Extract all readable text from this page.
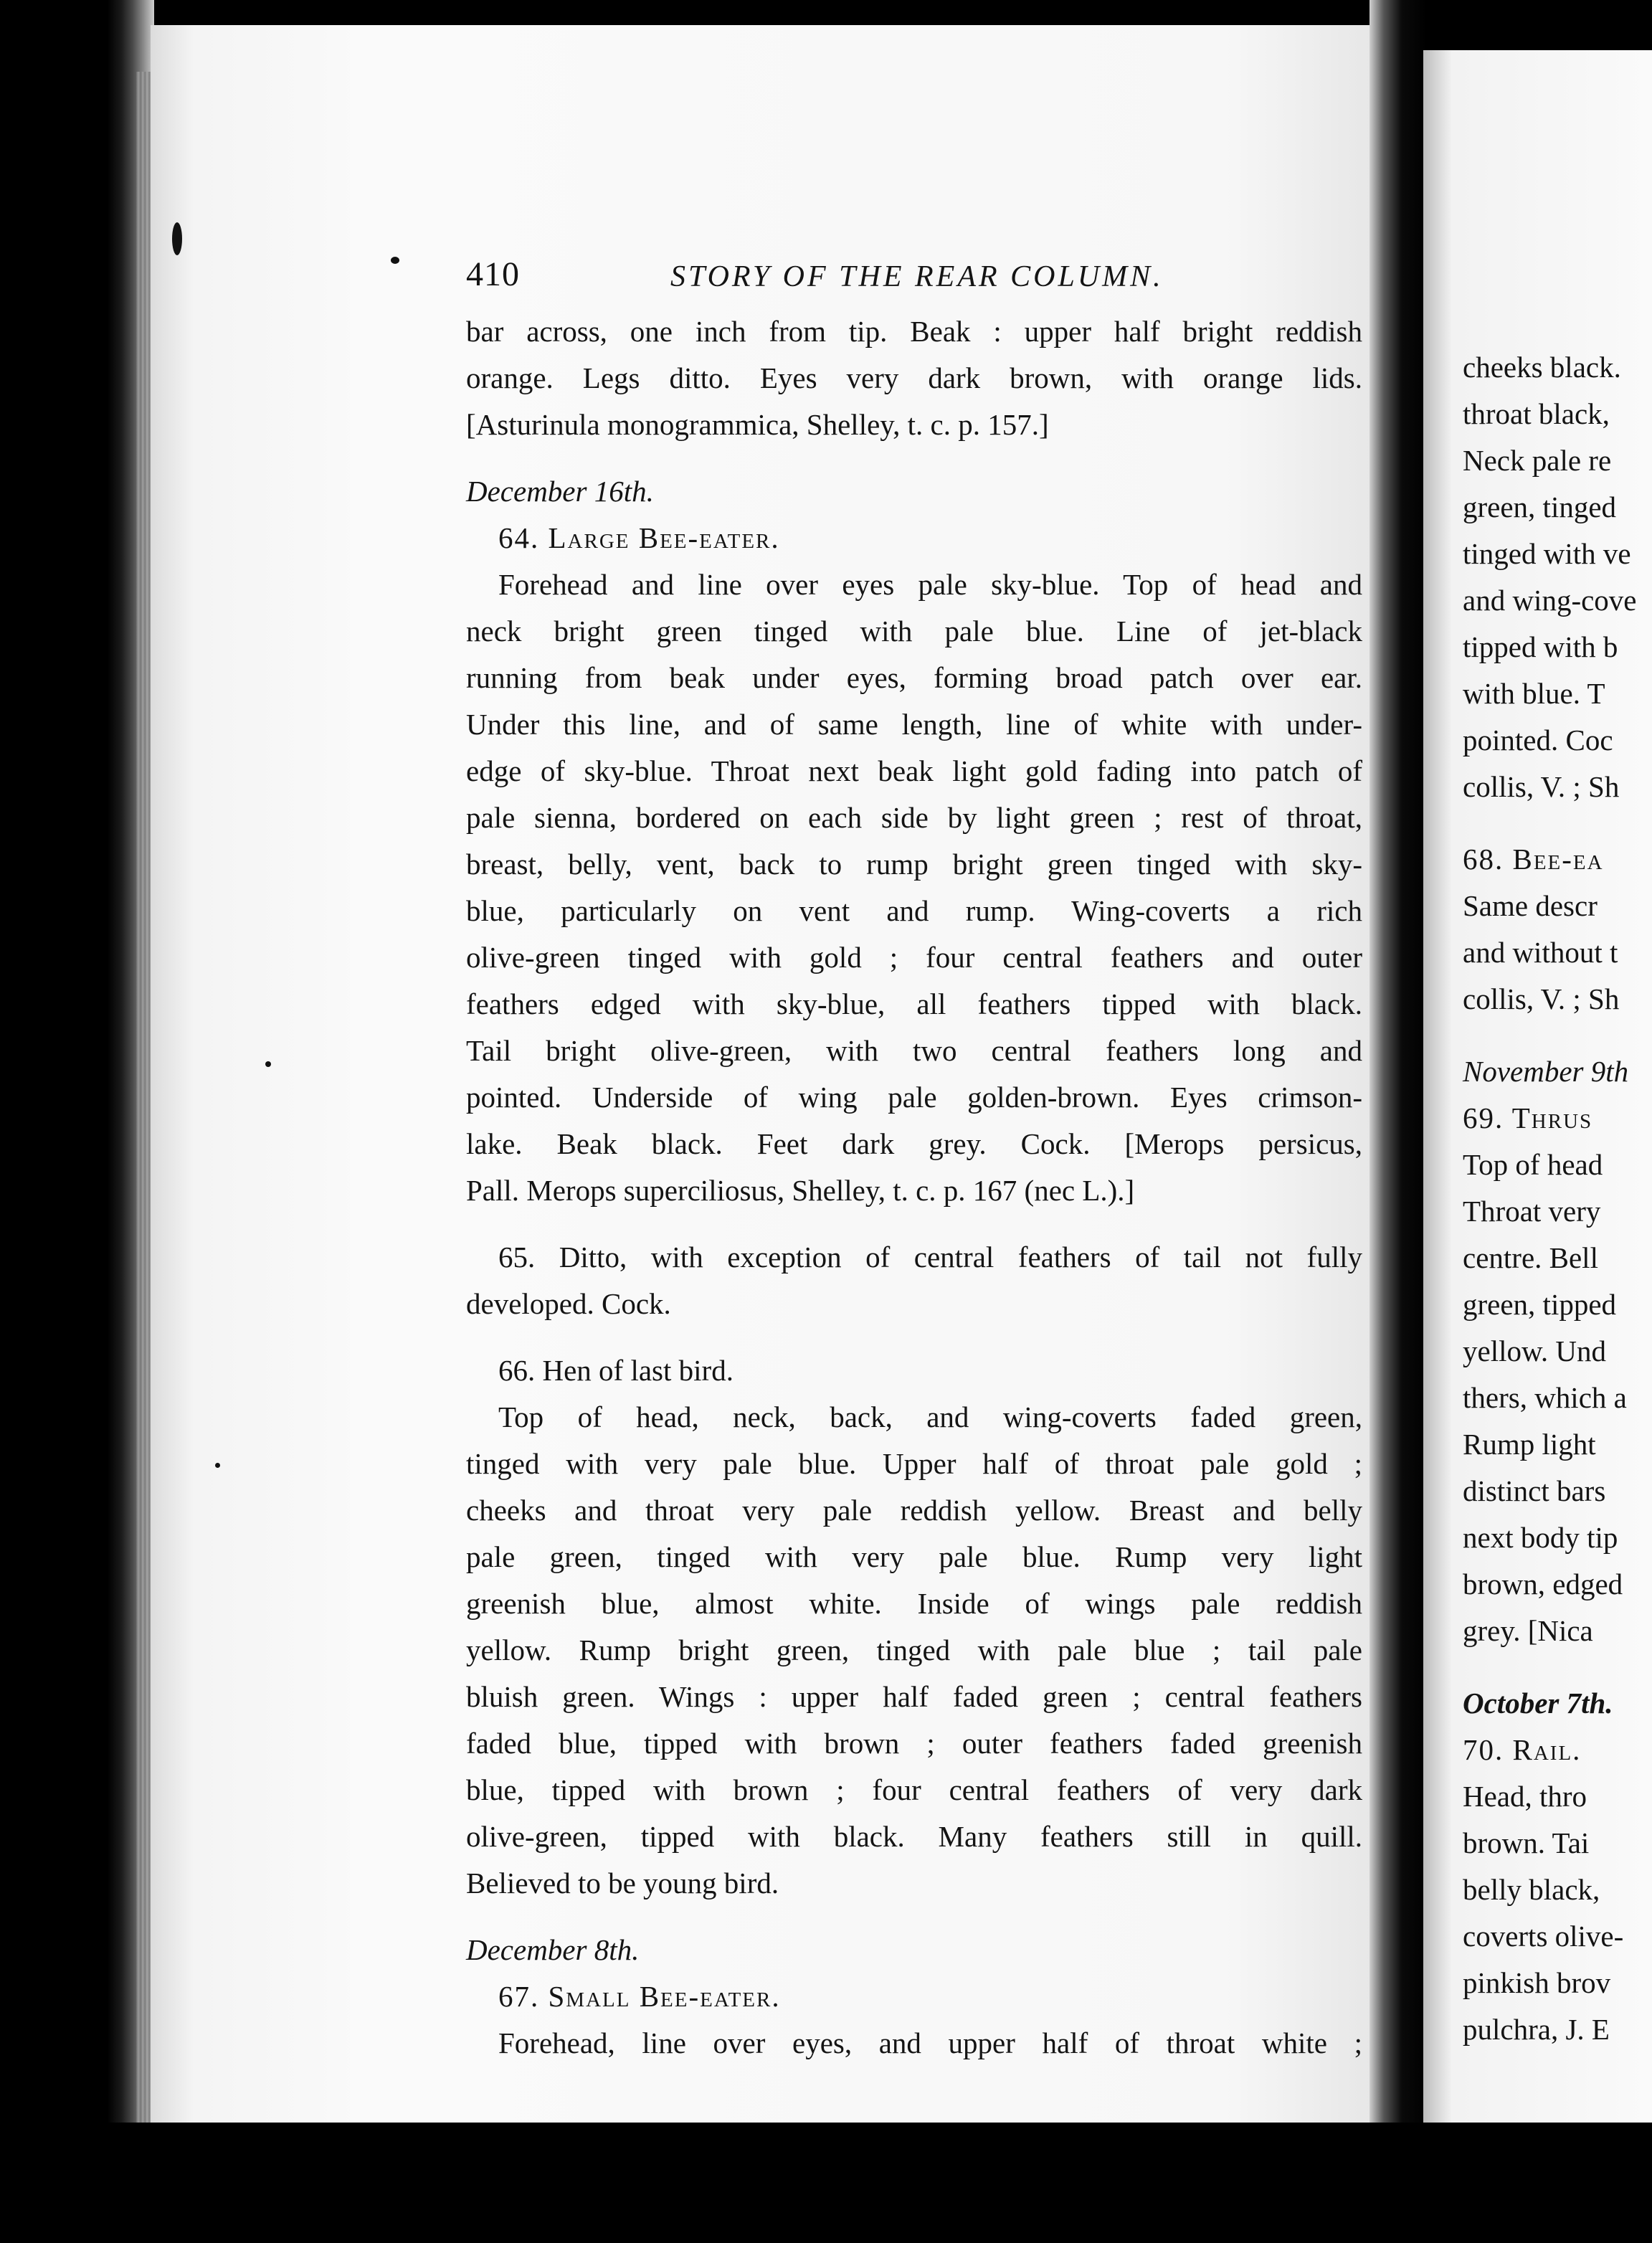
410	STORY OF THE REAR COLUMN.
bar across, one inch from tip. Beak : upper half bright reddish
orange. Legs ditto. Eyes very dark brown, with orange lids.
[Asturinula monogrammica, Shelley, t. c. p. 157.]
December 16th.
64. Large Bee-eater.
Forehead and line over eyes pale sky-blue. Top of head and
neck bright green tinged with pale blue. Line of jet-black
running from beak under eyes, forming broad patch over ear.
Under this line, and of same length, line of white with under-
edge of sky-blue. Throat next beak light gold fading into patch of
pale sienna, bordered on each side by light green ; rest of throat,
breast, belly, vent, back to rump bright green tinged with sky-
blue, particularly on vent and rump. Wing-coverts a rich
olive-green tinged with gold ; four central feathers and outer
feathers edged with sky-blue, all feathers tipped with black.
Tail bright olive-green, with two central feathers long and
pointed. Underside of wing pale golden-brown. Eyes crimson-
lake. Beak black. Feet dark grey. Cock. [Merops persicus,
Pall. Merops superciliosus, Shelley, t. c. p. 167 (nec L.).]
65. Ditto, with exception of central feathers of tail not fully
developed. Cock.
66. Hen of last bird.
Top of head, neck, back, and wing-coverts faded green,
tinged with very pale blue. Upper half of throat pale gold ;
cheeks and throat very pale reddish yellow. Breast and belly
pale green, tinged with very pale blue. Rump very light
greenish blue, almost white. Inside of wings pale reddish
yellow. Rump bright green, tinged with pale blue ; tail pale
bluish green. Wings : upper half faded green ; central feathers
faded blue, tipped with brown ; outer feathers faded greenish
blue, tipped with brown ; four central feathers of very dark
olive-green, tipped with black. Many feathers still in quill.
Believed to be young bird.
December 8th.
67. Small Bee-eater.
Forehead, line over eyes, and upper half of throat white ;
cheeks black.
throat black,
Neck pale re
green, tinged
tinged with ve
and wing-cove
tipped with b
with blue. T
pointed. Coc
collis, V. ; Sh
68. Bee-ea
Same descr
and without t
collis, V. ; Sh
November 9th
69. Thrus
Top of head
Throat very
centre. Bell
green, tipped
yellow. Und
thers, which a
Rump light
distinct bars
next body tip
brown, edged
grey. [Nica
October 7th.
70. Rail.
Head, thro
brown. Tai
belly black,
coverts olive-
pinkish brov
pulchra, J. E
